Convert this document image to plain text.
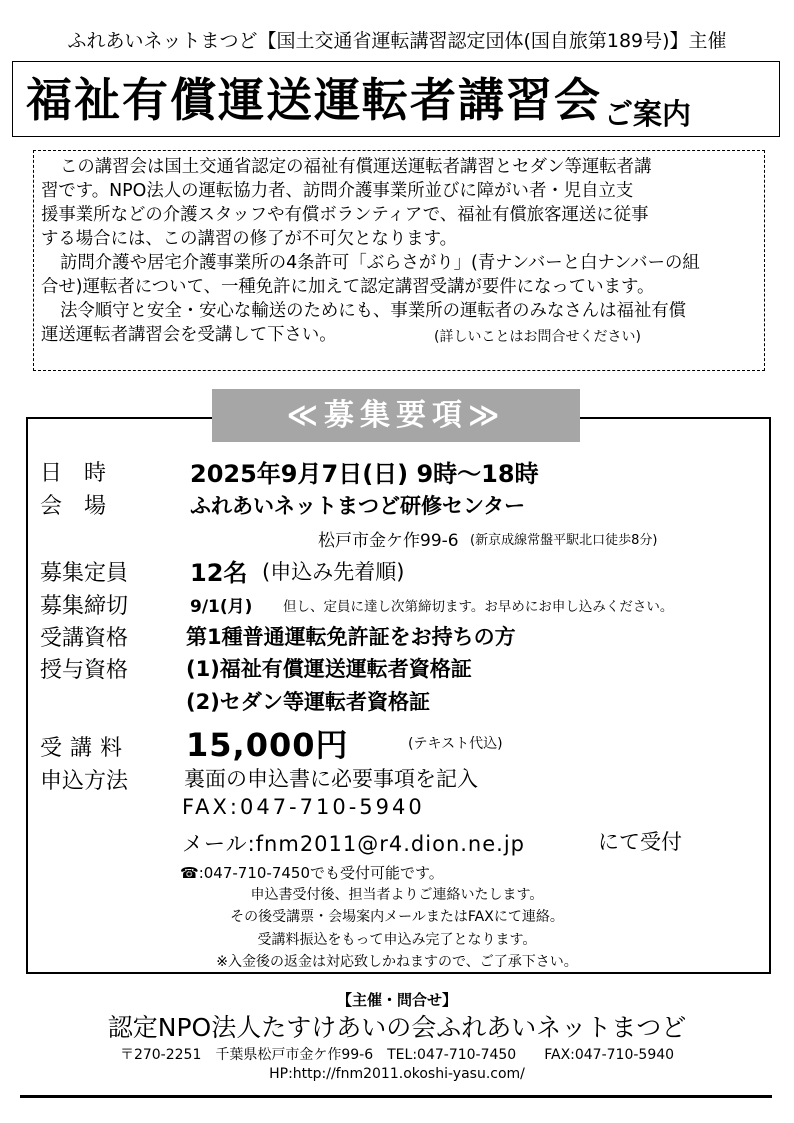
ふれあいネットまつど【国土交通省運転講習認定団体(国自旅第189号)】主催
福祉有償運送運転者講習会 ご案内
この講習会は国土交通省認定の福祉有償運送運転者講習とセダン等運転者講
習です。NPO法人の運転協力者、訪問介護事業所並びに障がい者・児自立支
援事業所などの介護スタッフや有償ボランティアで、福祉有償旅客運送に従事
する場合には、この講習の修了が不可欠となります。
訪問介護や居宅介護事業所の4条許可「ぶらさがり」(青ナンバーと白ナンバーの組
合せ)運転者について、一種免許に加えて認定講習受講が要件になっています。
法令順守と安全・安心な輸送のためにも、事業所の運転者のみなさんは福祉有償
運送運転者講習会を受講して下さい。	(詳しいことはお問合せください)
≪募集要項≫
日時	2025年9月7日(日) 9時～18時
会場	ふれあいネットまつど研修センター
松戸市金ケ作99-6 (新京成線常盤平駅北口徒歩8分)
募集定員	12名 (申込み先着順)
募集締切	9/1(月) 但し、定員に達し次第締切ます。お早めにお申し込みください。
受講資格	第1種普通運転免許証をお持ちの方
授与資格	(1)福祉有償運送運転者資格証
(2)セダン等運転者資格証
受講料 15,000円	(テキスト代込)
申込方法	裏面の申込書に必要事項を記入
FAX:047-710-5940
メール:fnm2011@r4.dion.ne.jp	にて受付
☎:047-710-7450でも受付可能です。
申込書受付後、担当者よりご連絡いたします。
その後受講票・会場案内メールまたはFAXにて連絡。
受講料振込をもって申込み完了となります。
※入金後の返金は対応致しかねますので、ご了承下さい。
【主催・問合せ】
認定NPO法人たすけあいの会ふれあいネットまつど
〒270-2251　千葉県松戸市金ケ作99-6　TEL:047-710-7450　　FAX:047-710-5940
HP:http://fnm2011.okoshi-yasu.com/
